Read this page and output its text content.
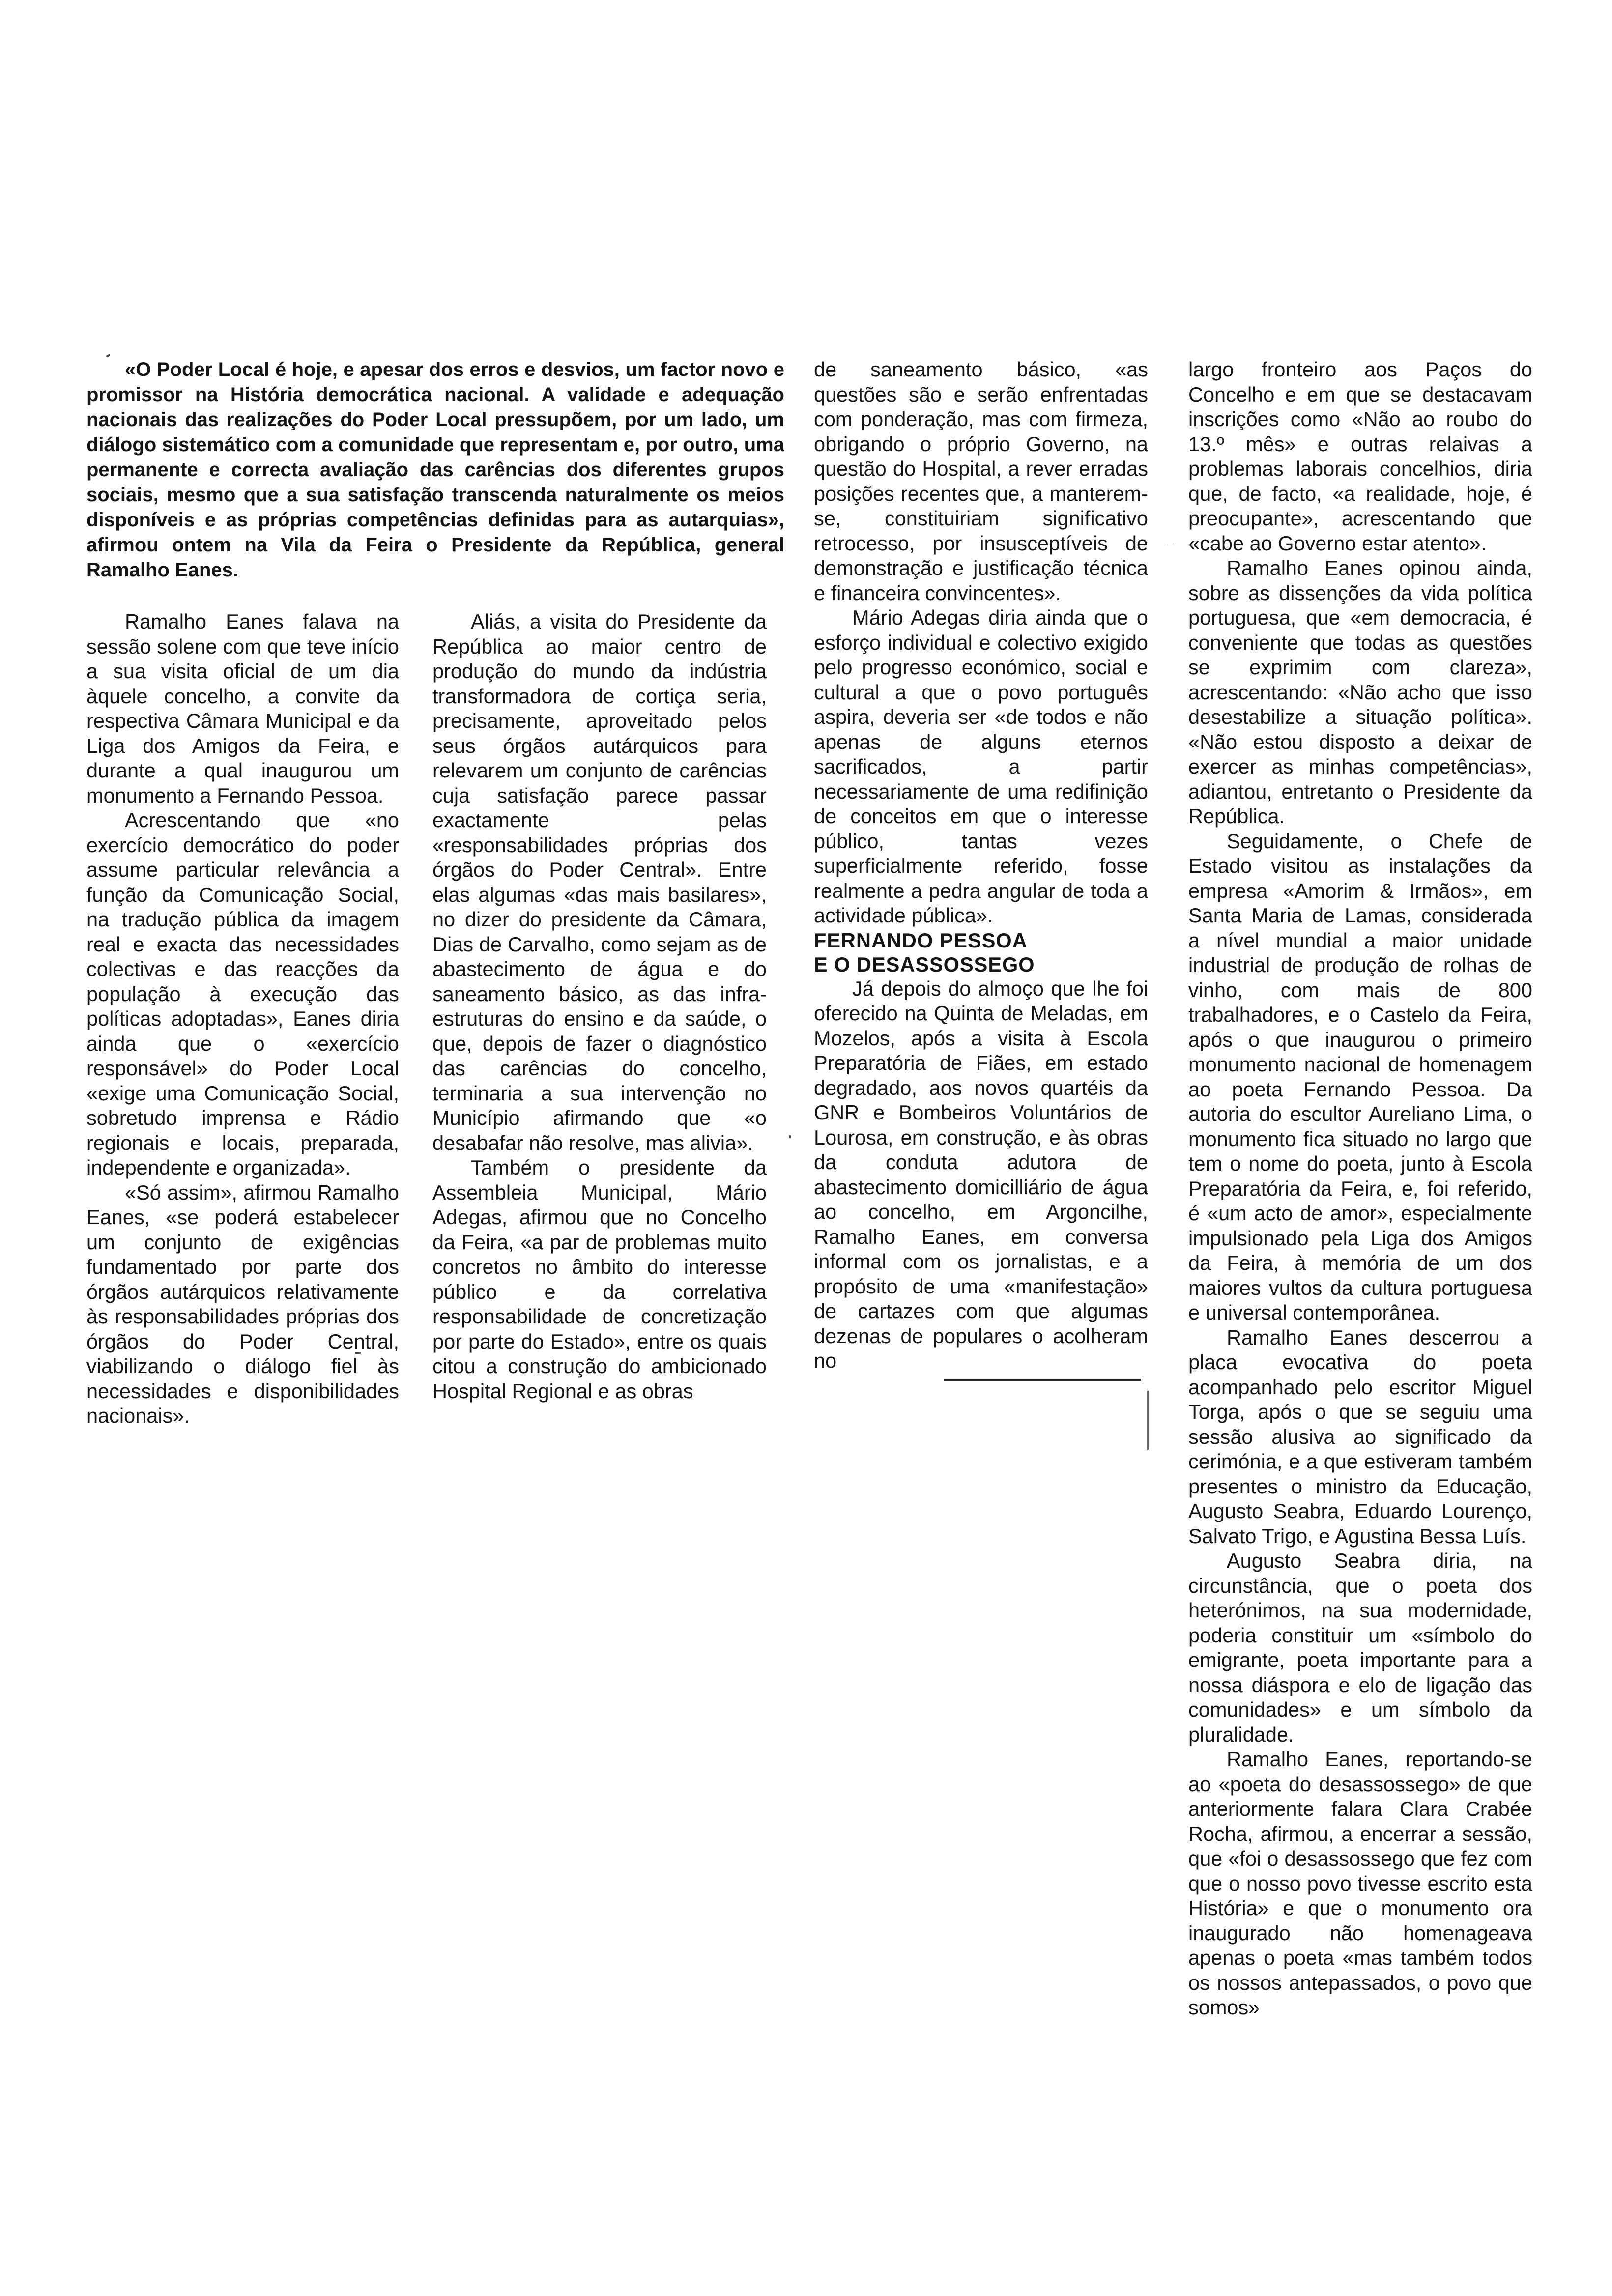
«O Poder Local é hoje, e apesar dos erros e desvios, um factor novo e promissor na História democrática nacional. A validade e adequação nacionais das realizações do Poder Local pressupõem, por um lado, um diálogo sistemático com a comunidade que representam e, por outro, uma permanente e correcta avaliação das carências dos diferentes grupos sociais, mesmo que a sua satisfação transcenda naturalmente os meios disponíveis e as próprias competências definidas para as autarquias», afirmou ontem na Vila da Feira o Presidente da República, general Ramalho Eanes.

Ramalho Eanes falava na sessão solene com que teve início a sua visita oficial de um dia àquele concelho, a convite da respectiva Câmara Municipal e da Liga dos Amigos da Feira, e durante a qual inaugurou um monumento a Fernando Pessoa.

Acrescentando que «no exercício democrático do poder assume particular relevância a função da Comunicação Social, na tradução pública da imagem real e exacta das necessidades colectivas e das reacções da população à execução das políticas adoptadas», Eanes diria ainda que o «exercício responsável» do Poder Local «exige uma Comunicação Social, sobretudo imprensa e Rádio regionais e locais, preparada, independente e organizada».

«Só assim», afirmou Ramalho Eanes, «se poderá estabelecer um conjunto de exigências fundamentado por parte dos órgãos autárquicos relativamente às responsabilidades próprias dos órgãos do Poder Central, viabilizando o diálogo fiel às necessidades e disponibilidades nacionais».

Aliás, a visita do Presidente da República ao maior centro de produção do mundo da indústria transformadora de cortiça seria, precisamente, aproveitado pelos seus órgãos autárquicos para relevarem um conjunto de carências cuja satisfação parece passar exactamente pelas «responsabilidades próprias dos órgãos do Poder Central». Entre elas algumas «das mais basilares», no dizer do presidente da Câmara, Dias de Carvalho, como sejam as de abastecimento de água e do saneamento básico, as das infra-estruturas do ensino e da saúde, o que, depois de fazer o diagnóstico das carências do concelho, terminaria a sua intervenção no Município afirmando que «o desabafar não resolve, mas alivia».

Também o presidente da Assembleia Municipal, Mário Adegas, afirmou que no Concelho da Feira, «a par de problemas muito concretos no âmbito do interesse público e da correlativa responsabilidade de concretização por parte do Estado», entre os quais citou a construção do ambicionado Hospital Regional e as obras

de saneamento básico, «as questões são e serão enfrentadas com ponderação, mas com firmeza, obrigando o próprio Governo, na questão do Hospital, a rever erradas posições recentes que, a manterem-se, constituiriam significativo retrocesso, por insusceptíveis de demonstração e justificação técnica e financeira convincentes».

Mário Adegas diria ainda que o esforço individual e colectivo exigido pelo progresso económico, social e cultural a que o povo português aspira, deveria ser «de todos e não apenas de alguns eternos sacrificados, a partir necessariamente de uma redifinição de conceitos em que o interesse público, tantas vezes superficialmente referido, fosse realmente a pedra angular de toda a actividade pública».

FERNANDO PESSOA
E O DESASSOSSEGO

Já depois do almoço que lhe foi oferecido na Quinta de Meladas, em Mozelos, após a visita à Escola Preparatória de Fiães, em estado degradado, aos novos quartéis da GNR e Bombeiros Voluntários de Lourosa, em construção, e às obras da conduta adutora de abastecimento domicilliário de água ao concelho, em Argoncilhe, Ramalho Eanes, em conversa informal com os jornalistas, e a propósito de uma «manifestação» de cartazes com que algumas dezenas de populares o acolheram no

largo fronteiro aos Paços do Concelho e em que se destacavam inscrições como «Não ao roubo do 13.º mês» e outras relaivas a problemas laborais concelhios, diria que, de facto, «a realidade, hoje, é preocupante», acrescentando que «cabe ao Governo estar atento».

Ramalho Eanes opinou ainda, sobre as dissenções da vida política portuguesa, que «em democracia, é conveniente que todas as questões se exprimim com clareza», acrescentando: «Não acho que isso desestabilize a situação política». «Não estou disposto a deixar de exercer as minhas competências», adiantou, entretanto o Presidente da República.

Seguidamente, o Chefe de Estado visitou as instalações da empresa «Amorim & Irmãos», em Santa Maria de Lamas, considerada a nível mundial a maior unidade industrial de produção de rolhas de vinho, com mais de 800 trabalhadores, e o Castelo da Feira, após o que inaugurou o primeiro monumento nacional de homenagem ao poeta Fernando Pessoa. Da autoria do escultor Aureliano Lima, o monumento fica situado no largo que tem o nome do poeta, junto à Escola Preparatória da Feira, e, foi referido, é «um acto de amor», especialmente impulsionado pela Liga dos Amigos da Feira, à memória de um dos maiores vultos da cultura portuguesa e universal contemporânea.

Ramalho Eanes descerrou a placa evocativa do poeta acompanhado pelo escritor Miguel Torga, após o que se seguiu uma sessão alusiva ao significado da cerimónia, e a que estiveram também presentes o ministro da Educação, Augusto Seabra, Eduardo Lourenço, Salvato Trigo, e Agustina Bessa Luís.

Augusto Seabra diria, na circunstância, que o poeta dos heterónimos, na sua modernidade, poderia constituir um «símbolo do emigrante, poeta importante para a nossa diáspora e elo de ligação das comunidades» e um símbolo da pluralidade.

Ramalho Eanes, reportando-se ao «poeta do desassossego» de que anteriormente falara Clara Crabée Rocha, afirmou, a encerrar a sessão, que «foi o desassossego que fez com que o nosso povo tivesse escrito esta História» e que o monumento ora inaugurado não homenageava apenas o poeta «mas também todos os nossos antepassados, o povo que somos»
